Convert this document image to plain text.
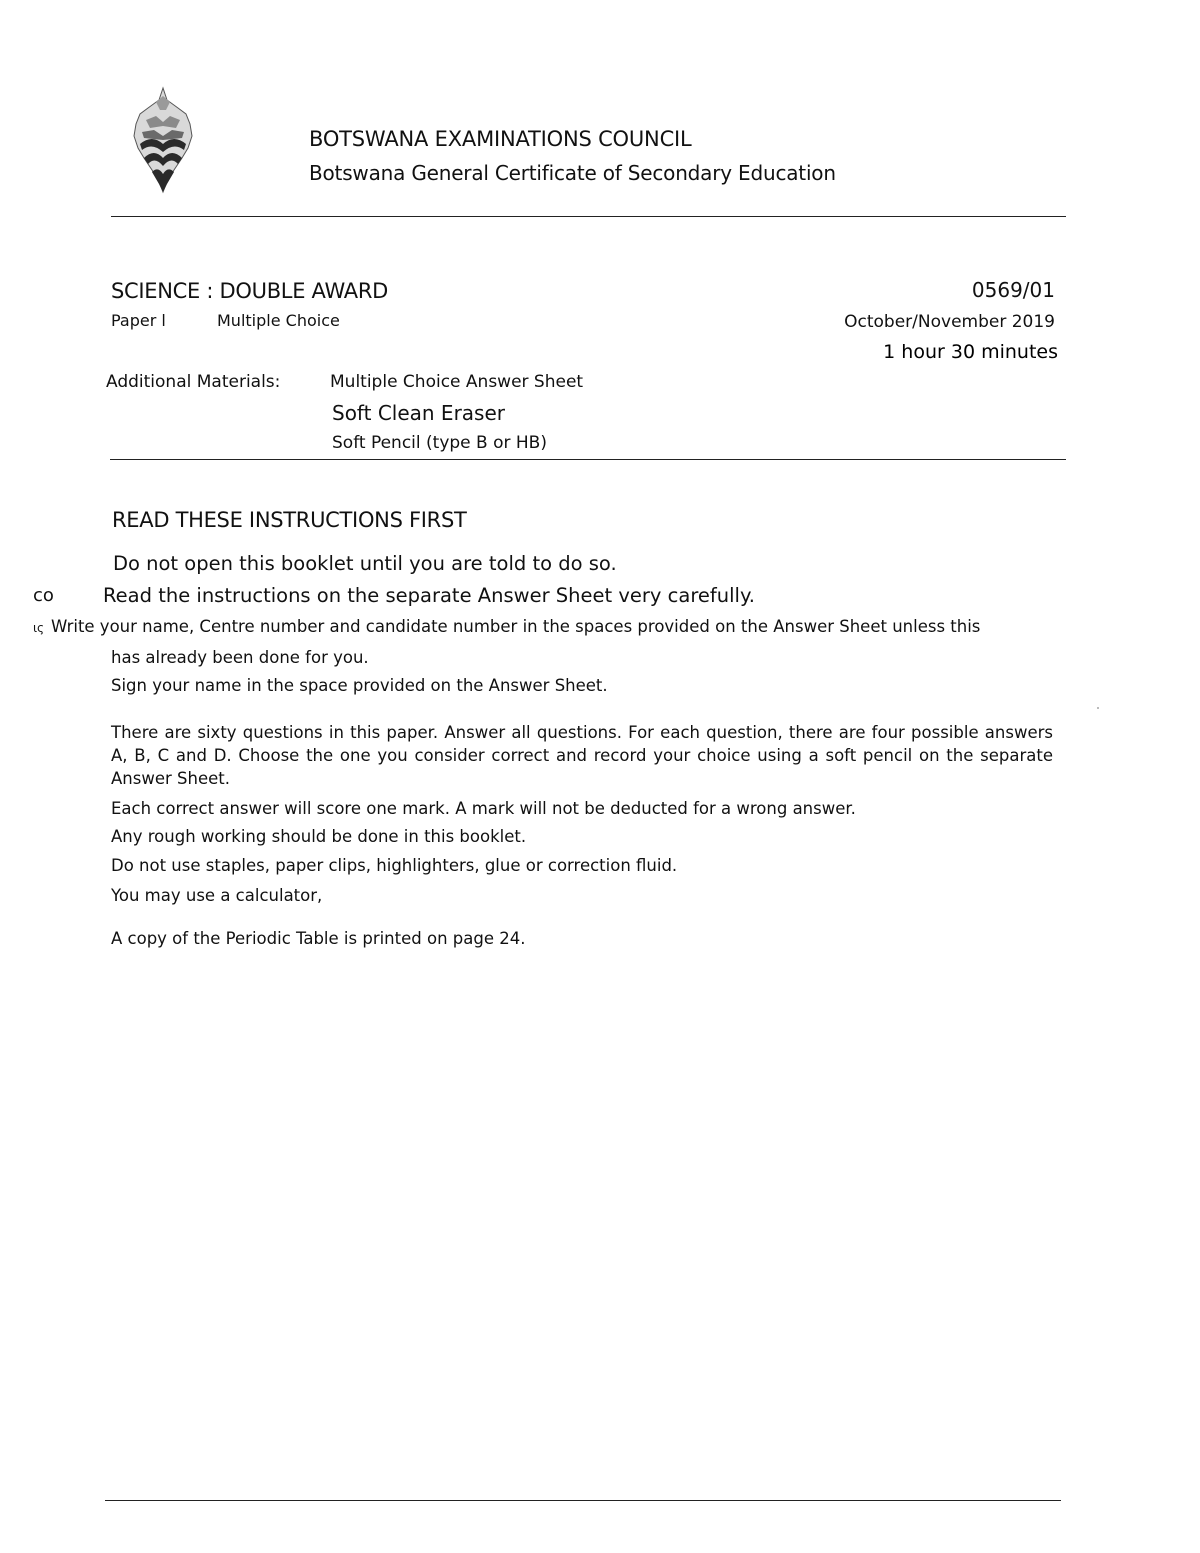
BOTSWANA EXAMINATIONS COUNCIL
Botswana General Certificate of Secondary Education
SCIENCE : DOUBLE AWARD	0569/01
Paper l	Multiple Choice	October/November 2019
1 hour 30 minutes
Additional Materials:	Multiple Choice Answer Sheet
Soft Clean Eraser
Soft Pencil (type B or HB)
READ THESE INSTRUCTIONS FIRST
Do not open this booklet until you are told to do so.
co	Read the instructions on the separate Answer Sheet very carefully.
ις Write your name, Centre number and candidate number in the spaces provided on the Answer Sheet unless this
has already been done for you.
Sign your name in the space provided on the Answer Sheet.
There are sixty questions in this paper. Answer all questions. For each question, there are four possible answers A, B, C and D. Choose the one you consider correct and record your choice using a soft pencil on the separate Answer Sheet.
Each correct answer will score one mark. A mark will not be deducted for a wrong answer.
Any rough working should be done in this booklet.
Do not use staples, paper clips, highlighters, glue or correction fluid.
You may use a calculator,
A copy of the Periodic Table is printed on page 24.
